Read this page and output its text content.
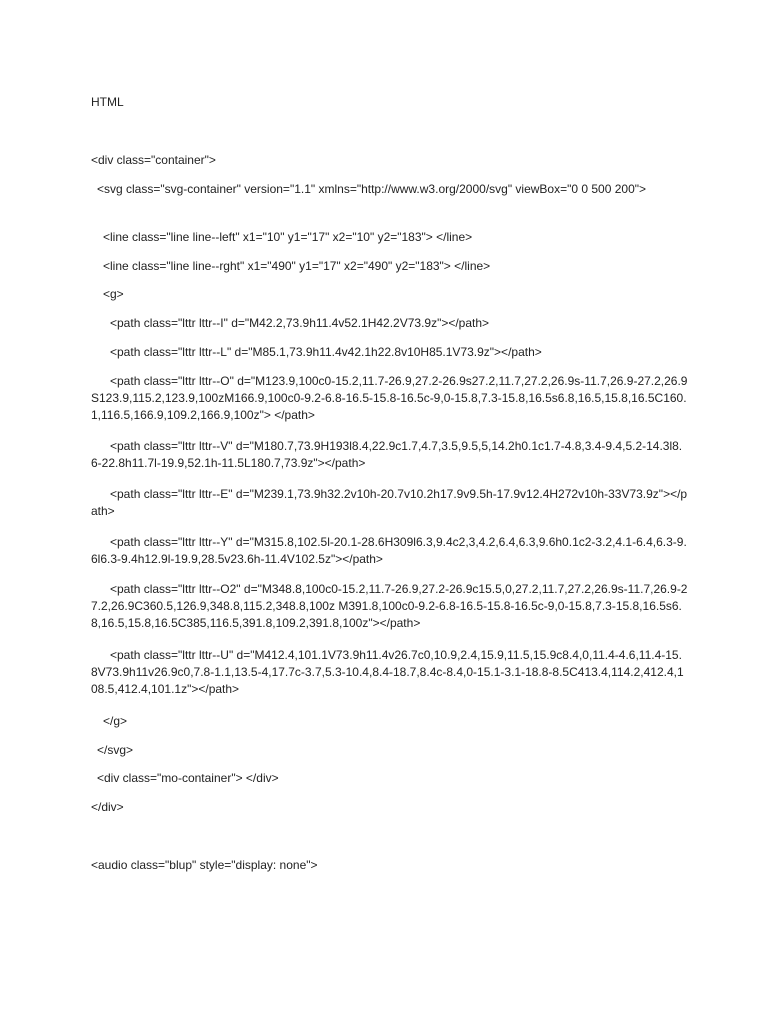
HTML
<div class="container">
<svg class="svg-container" version="1.1" xmlns="http://www.w3.org/2000/svg" viewBox="0 0 500 200">
<line class="line line--left" x1="10" y1="17" x2="10" y2="183"> </line>
<line class="line line--rght" x1="490" y1="17" x2="490" y2="183"> </line>
<g>
<path class="lttr lttr--I" d="M42.2,73.9h11.4v52.1H42.2V73.9z"></path>
<path class="lttr lttr--L" d="M85.1,73.9h11.4v42.1h22.8v10H85.1V73.9z"></path>
<path class="lttr lttr--O" d="M123.9,100c0-15.2,11.7-26.9,27.2-26.9s27.2,11.7,27.2,26.9s-11.7,26.9-27.2,26.9S123.9,115.2,123.9,100zM166.9,100c0-9.2-6.8-16.5-15.8-16.5c-9,0-15.8,7.3-15.8,16.5s6.8,16.5,15.8,16.5C160.1,116.5,166.9,109.2,166.9,100z"> </path>
<path class="lttr lttr--V" d="M180.7,73.9H193l8.4,22.9c1.7,4.7,3.5,9.5,5,14.2h0.1c1.7-4.8,3.4-9.4,5.2-14.3l8.6-22.8h11.7l-19.9,52.1h-11.5L180.7,73.9z"></path>
<path class="lttr lttr--E" d="M239.1,73.9h32.2v10h-20.7v10.2h17.9v9.5h-17.9v12.4H272v10h-33V73.9z"></path>
<path class="lttr lttr--Y" d="M315.8,102.5l-20.1-28.6H309l6.3,9.4c2,3,4.2,6.4,6.3,9.6h0.1c2-3.2,4.1-6.4,6.3-9.6l6.3-9.4h12.9l-19.9,28.5v23.6h-11.4V102.5z"></path>
<path class="lttr lttr--O2" d="M348.8,100c0-15.2,11.7-26.9,27.2-26.9c15.5,0,27.2,11.7,27.2,26.9s-11.7,26.9-27.2,26.9C360.5,126.9,348.8,115.2,348.8,100z M391.8,100c0-9.2-6.8-16.5-15.8-16.5c-9,0-15.8,7.3-15.8,16.5s6.8,16.5,15.8,16.5C385,116.5,391.8,109.2,391.8,100z"></path>
<path class="lttr lttr--U" d="M412.4,101.1V73.9h11.4v26.7c0,10.9,2.4,15.9,11.5,15.9c8.4,0,11.4-4.6,11.4-15.8V73.9h11v26.9c0,7.8-1.1,13.5-4,17.7c-3.7,5.3-10.4,8.4-18.7,8.4c-8.4,0-15.1-3.1-18.8-8.5C413.4,114.2,412.4,108.5,412.4,101.1z"></path>
</g>
</svg>
<div class="mo-container"> </div>
</div>
<audio class="blup" style="display: none">
